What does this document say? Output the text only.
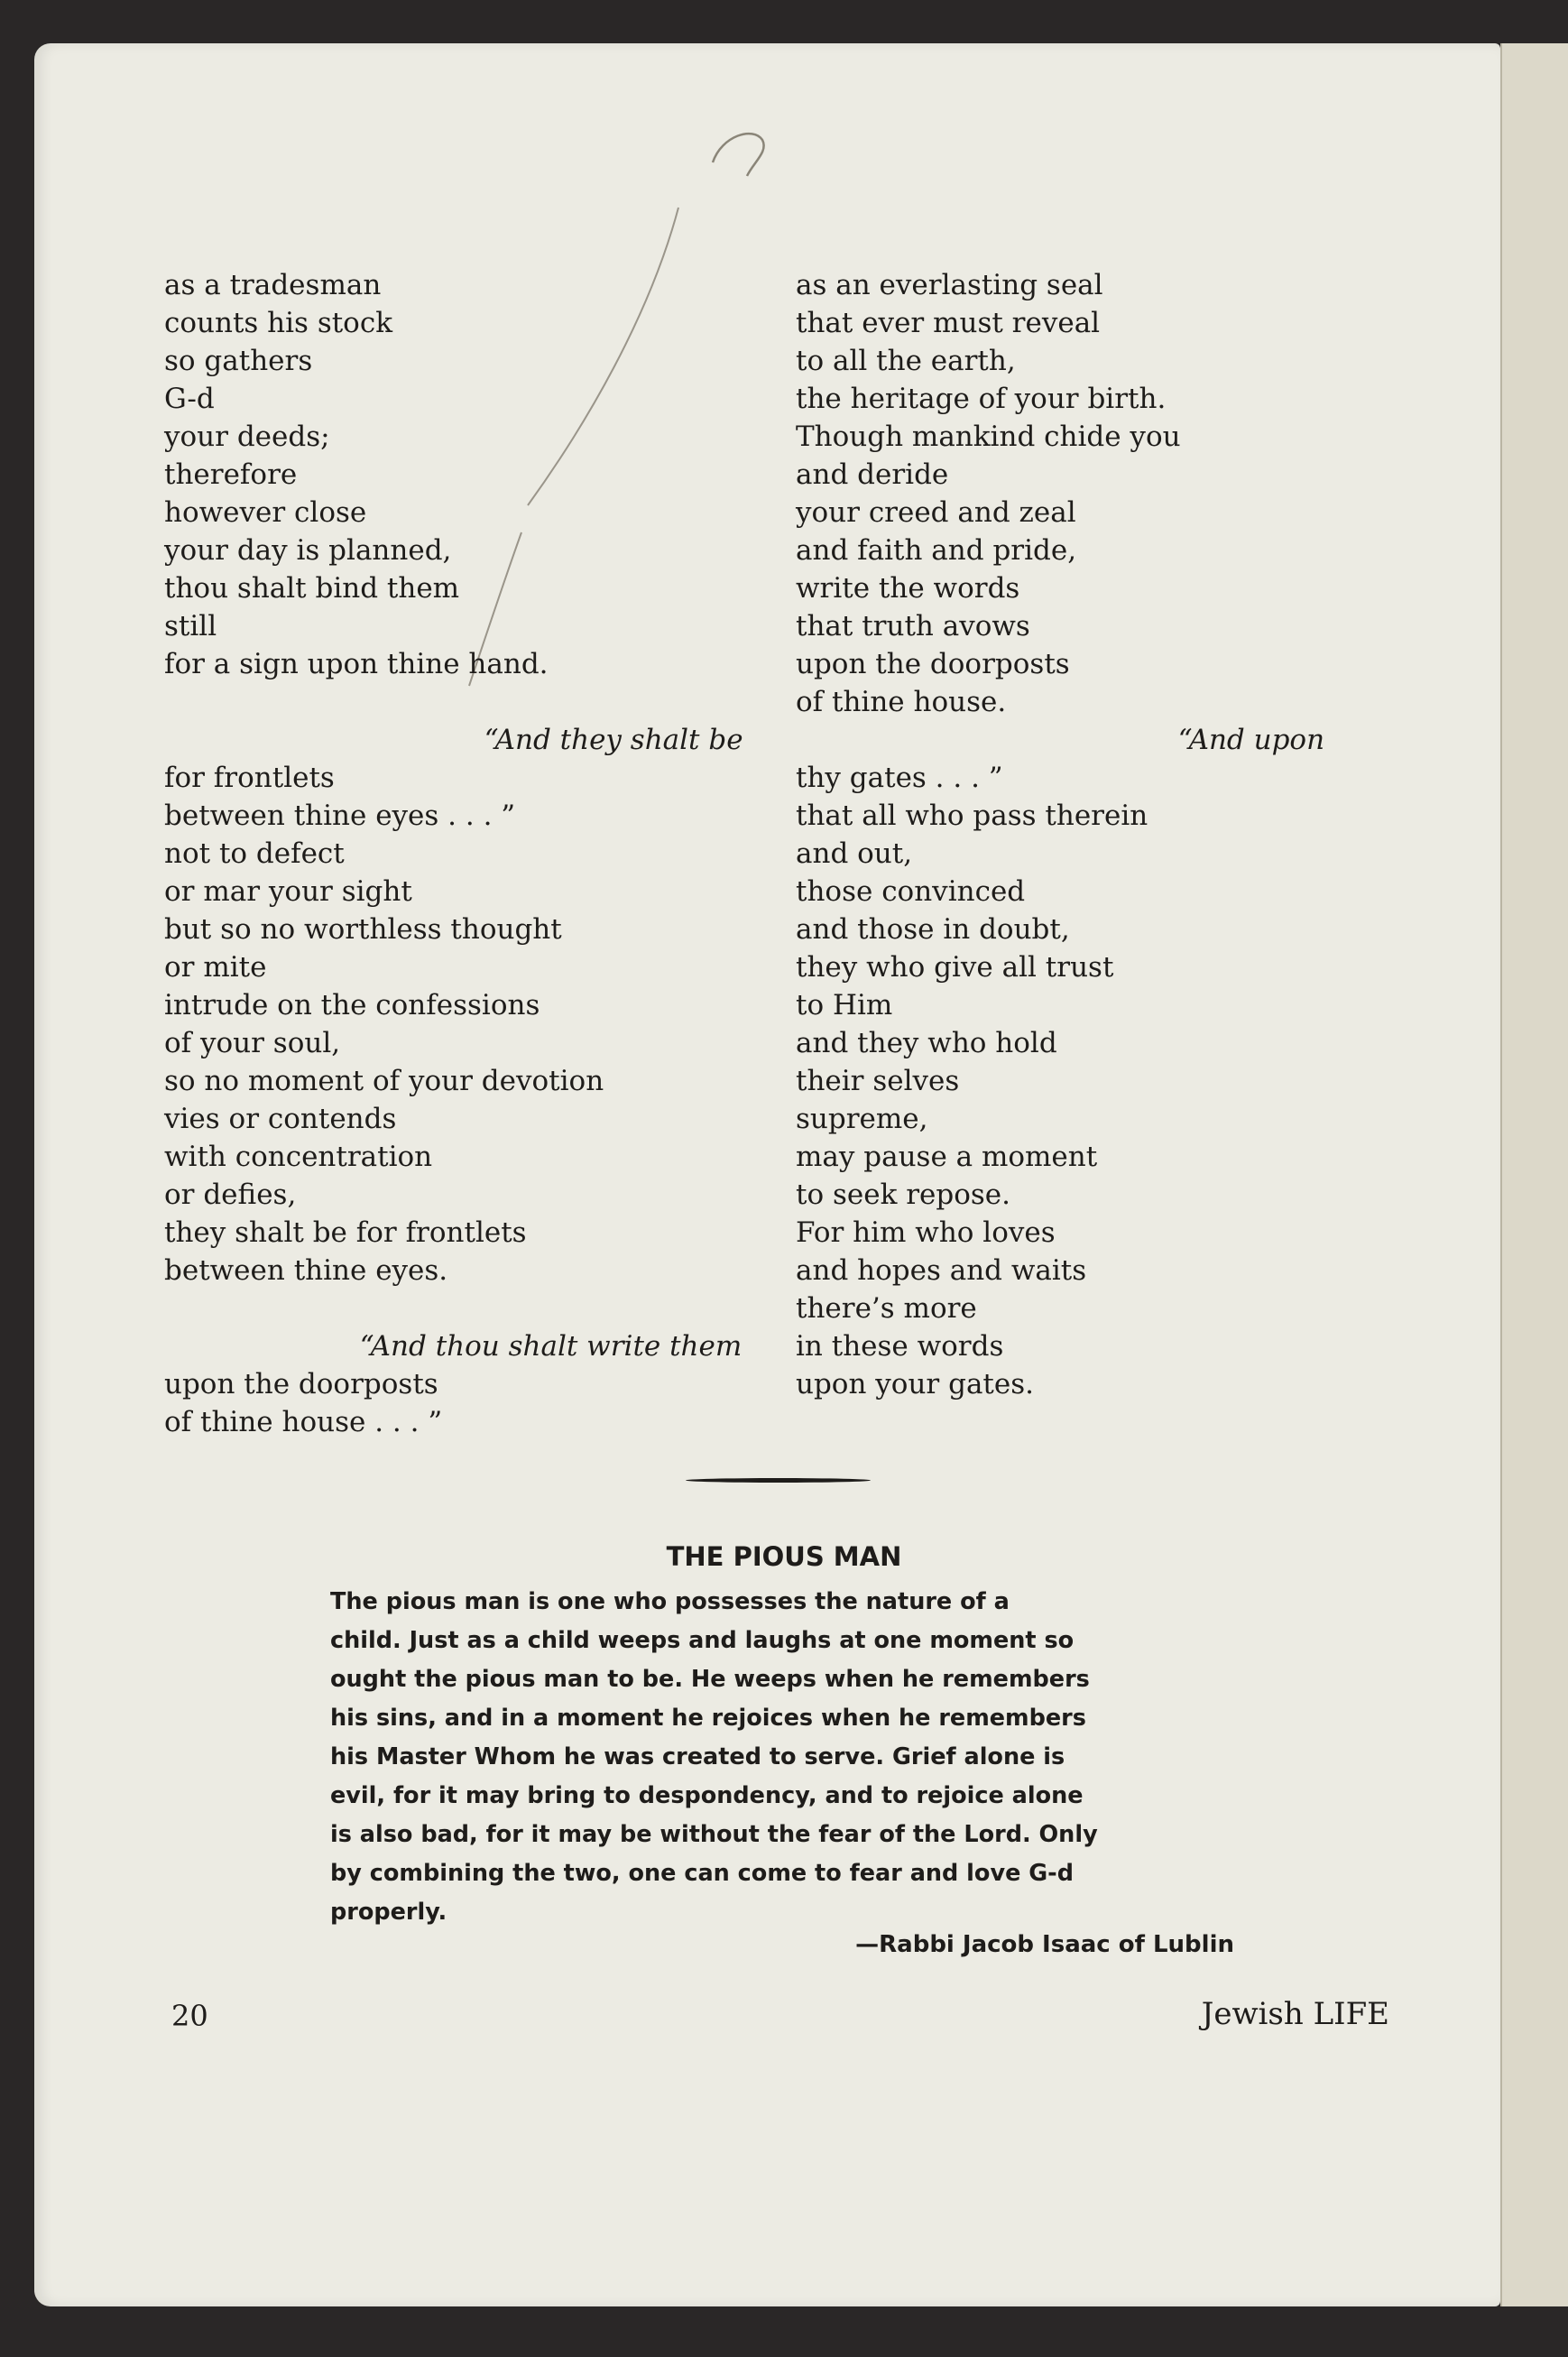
as a tradesman
counts his stock
so gathers
G-d
your deeds;
therefore
however close
your day is planned,
thou shalt bind them
still
for a sign upon thine hand.
“And they shalt be
for frontlets
between thine eyes . . . ”
not to defect
or mar your sight
but so no worthless thought
or mite
intrude on the confessions
of your soul,
so no moment of your devotion
vies or contends
with concentration
or defies,
they shalt be for frontlets
between thine eyes.
“And thou shalt write them
upon the doorposts
of thine house . . . ”
as an everlasting seal
that ever must reveal
to all the earth,
the heritage of your birth.
Though mankind chide you
and deride
your creed and zeal
and faith and pride,
write the words
that truth avows
upon the doorposts
of thine house.
“And upon
thy gates . . . ”
that all who pass therein
and out,
those convinced
and those in doubt,
they who give all trust
to Him
and they who hold
their selves
supreme,
may pause a moment
to seek repose.
For him who loves
and hopes and waits
there’s more
in these words
upon your gates.
THE PIOUS MAN
The pious man is one who possesses the nature of a
child. Just as a child weeps and laughs at one moment so
ought the pious man to be. He weeps when he remembers
his sins, and in a moment he rejoices when he remembers
his Master Whom he was created to serve. Grief alone is
evil, for it may bring to despondency, and to rejoice alone
is also bad, for it may be without the fear of the Lord. Only
by combining the two, one can come to fear and love G-d
properly.
—Rabbi Jacob Isaac of Lublin
20	Jewish LIFE
